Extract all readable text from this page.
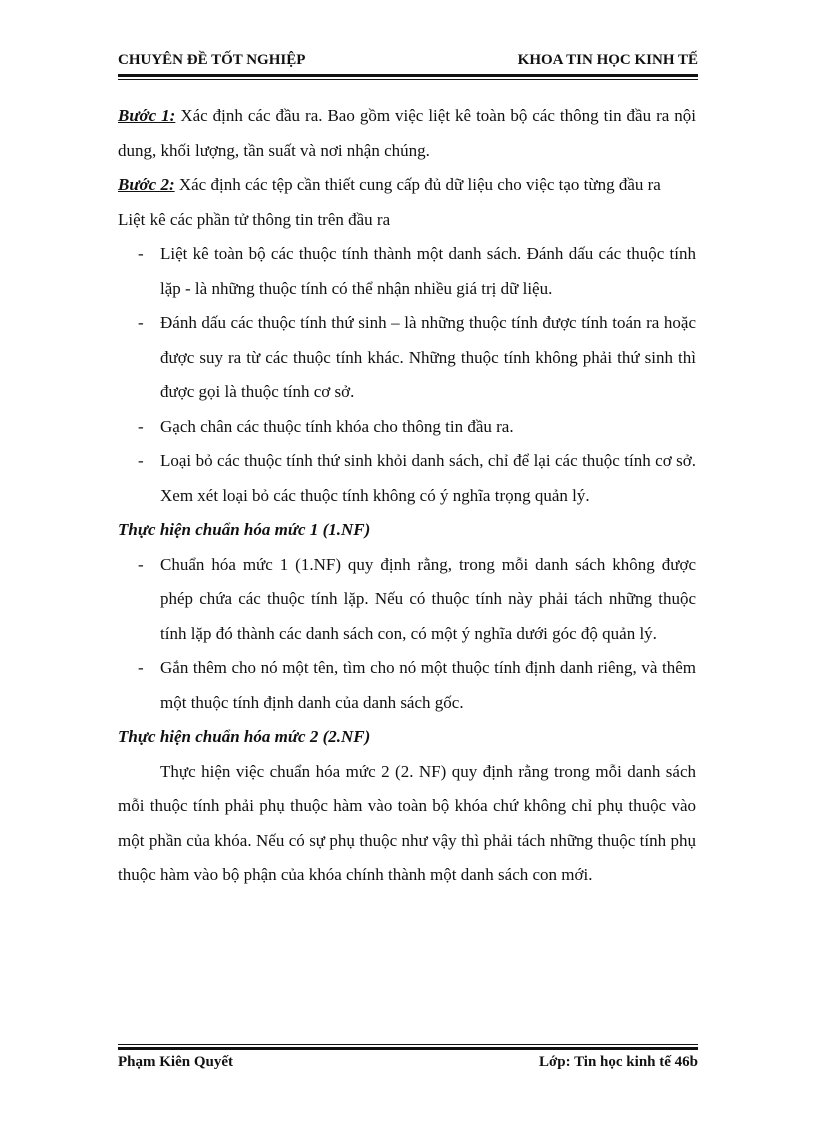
CHUYÊN ĐỀ TỐT NGHIỆP	KHOA TIN HỌC KINH TẾ

Bước 1: Xác định các đầu ra. Bao gồm việc liệt kê toàn bộ các thông tin đầu ra nội dung, khối lượng, tần suất và nơi nhận chúng.

Bước 2: Xác định các tệp cần thiết cung cấp đủ dữ liệu cho việc tạo từng đầu ra

Liệt kê các phần tử thông tin trên đầu ra

- Liệt kê toàn bộ các thuộc tính thành một danh sách. Đánh dấu các thuộc tính lặp - là những thuộc tính có thể nhận nhiều giá trị dữ liệu.

- Đánh dấu các thuộc tính thứ sinh – là những thuộc tính được tính toán ra hoặc được suy ra từ các thuộc tính khác. Những thuộc tính không phải thứ sinh thì được gọi là thuộc tính cơ sở.

- Gạch chân các thuộc tính khóa cho thông tin đầu ra.

- Loại bỏ các thuộc tính thứ sinh khỏi danh sách, chỉ để lại các thuộc tính cơ sở. Xem xét loại bỏ các thuộc tính không có ý nghĩa trọng quản lý.

Thực hiện chuẩn hóa mức 1 (1.NF)

- Chuẩn hóa mức 1 (1.NF) quy định rằng, trong mỗi danh sách không được phép chứa các thuộc tính lặp. Nếu có thuộc tính này phải tách những thuộc tính lặp đó thành các danh sách con, có một ý nghĩa dưới góc độ quản lý.

- Gắn thêm cho nó một tên, tìm cho nó một thuộc tính định danh riêng, và thêm một thuộc tính định danh của danh sách gốc.

Thực hiện chuẩn hóa mức 2 (2.NF)

Thực hiện việc chuẩn hóa mức 2 (2. NF) quy định rằng trong mỗi danh sách mỗi thuộc tính phải phụ thuộc hàm vào toàn bộ khóa chứ không chỉ phụ thuộc vào một phần của khóa. Nếu có sự phụ thuộc như vậy thì phải tách những thuộc tính phụ thuộc hàm vào bộ phận của khóa chính thành một danh sách con mới.

Phạm Kiên Quyết	Lớp: Tin học kinh tế 46b
